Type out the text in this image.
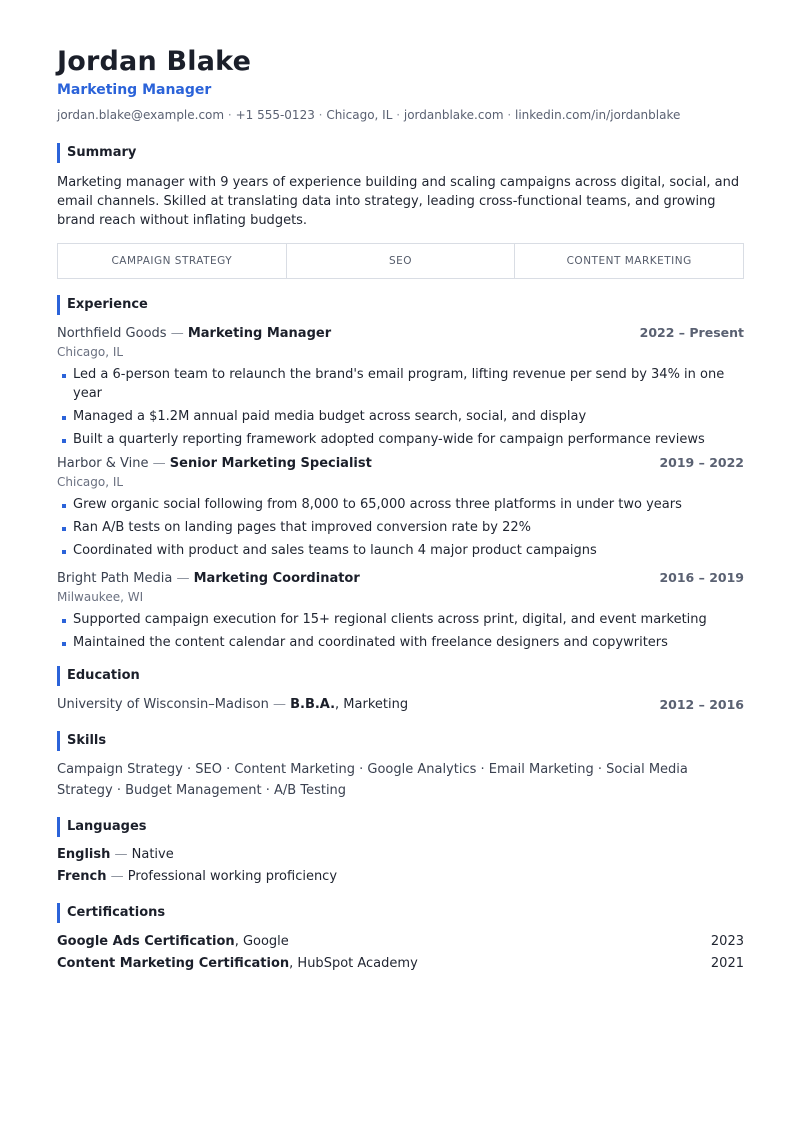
Jordan Blake
Marketing Manager
jordan.blake@example.com · +1 555-0123 · Chicago, IL · jordanblake.com · linkedin.com/in/jordanblake
Summary
Marketing manager with 9 years of experience building and scaling campaigns across digital, social, and email channels. Skilled at translating data into strategy, leading cross-functional teams, and growing brand reach without inflating budgets.
CAMPAIGN STRATEGY	SEO	CONTENT MARKETING
Experience
Northfield Goods — Marketing Manager	2022 – Present
Chicago, IL
Led a 6-person team to relaunch the brand's email program, lifting revenue per send by 34% in one year
Managed a $1.2M annual paid media budget across search, social, and display
Built a quarterly reporting framework adopted company-wide for campaign performance reviews
Harbor & Vine — Senior Marketing Specialist	2019 – 2022
Chicago, IL
Grew organic social following from 8,000 to 65,000 across three platforms in under two years
Ran A/B tests on landing pages that improved conversion rate by 22%
Coordinated with product and sales teams to launch 4 major product campaigns
Bright Path Media — Marketing Coordinator	2016 – 2019
Milwaukee, WI
Supported campaign execution for 15+ regional clients across print, digital, and event marketing
Maintained the content calendar and coordinated with freelance designers and copywriters
Education
University of Wisconsin–Madison — B.B.A., Marketing	2012 – 2016
Skills
Campaign Strategy · SEO · Content Marketing · Google Analytics · Email Marketing · Social Media Strategy · Budget Management · A/B Testing
Languages
English — Native
French — Professional working proficiency
Certifications
Google Ads Certification, Google	2023
Content Marketing Certification, HubSpot Academy	2021
